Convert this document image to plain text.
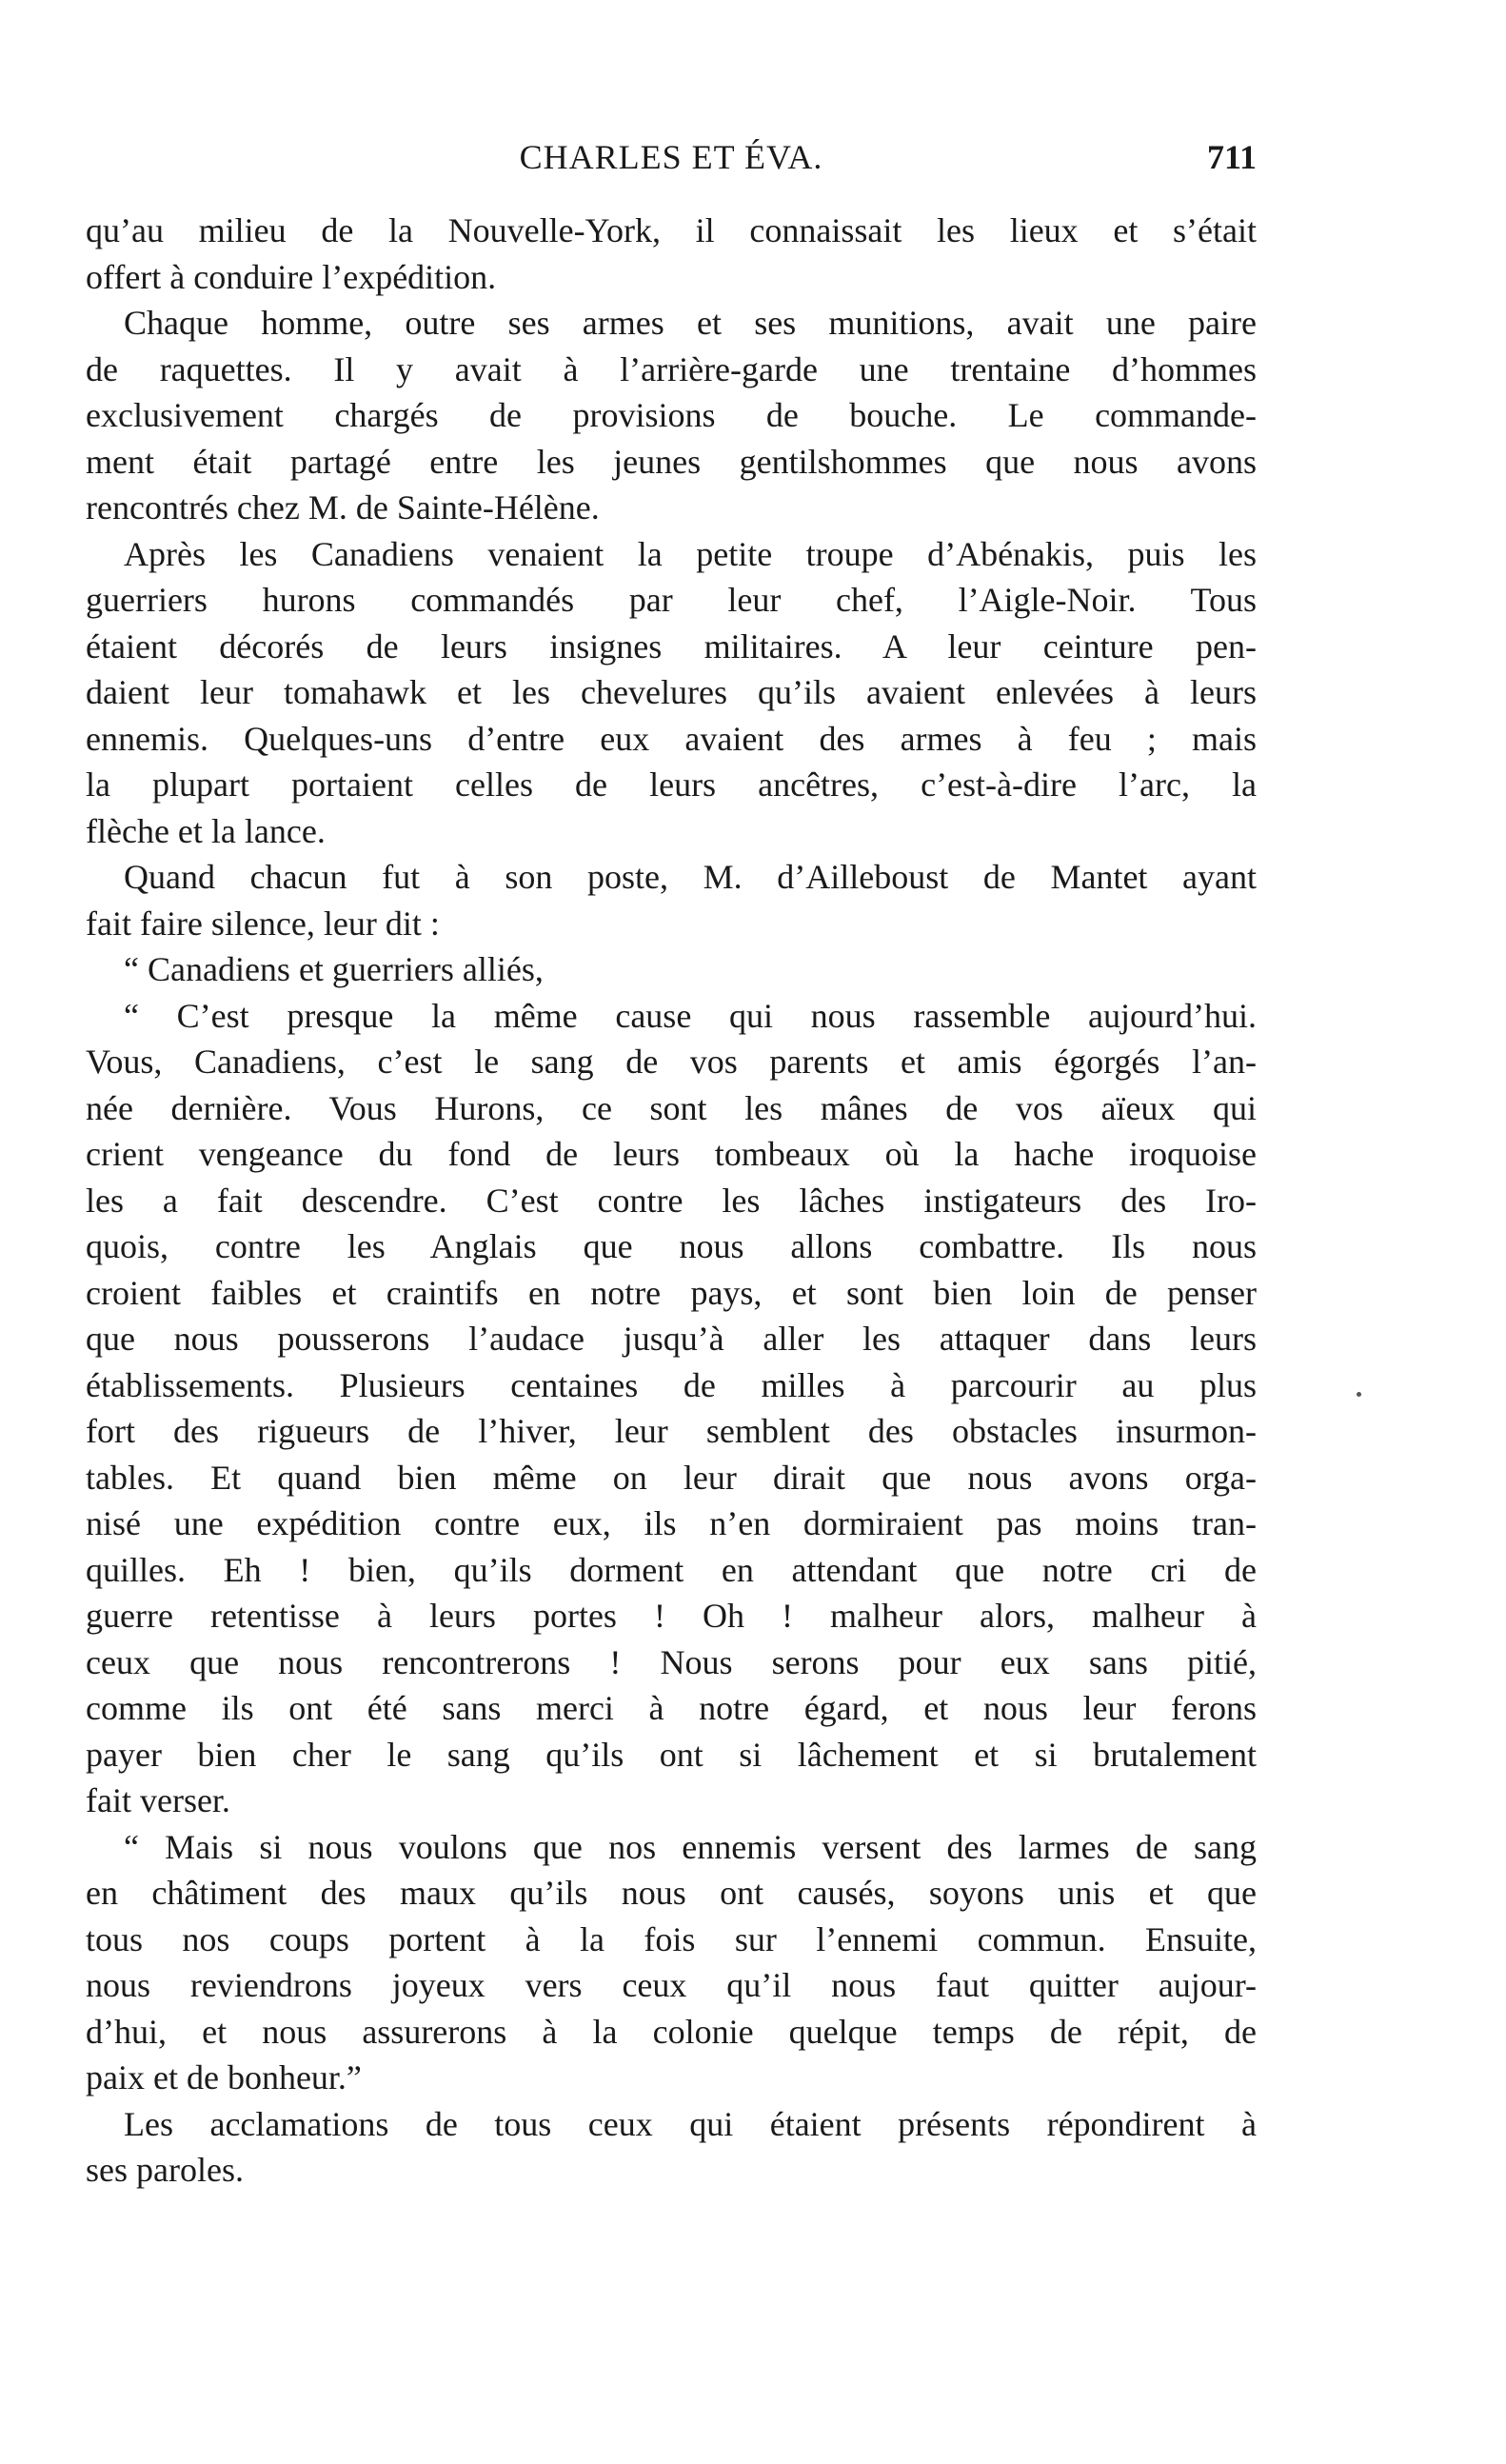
CHARLES ET ÉVA.	711
qu’au milieu de la Nouvelle-York, il connaissait les lieux et s’était
offert à conduire l’expédition.
Chaque homme, outre ses armes et ses munitions, avait une paire
de raquettes. Il y avait à l’arrière-garde une trentaine d’hommes
exclusivement chargés de provisions de bouche. Le commande-
ment était partagé entre les jeunes gentilshommes que nous avons
rencontrés chez M. de Sainte-Hélène.
Après les Canadiens venaient la petite troupe d’Abénakis, puis les
guerriers hurons commandés par leur chef, l’Aigle-Noir. Tous
étaient décorés de leurs insignes militaires. A leur ceinture pen-
daient leur tomahawk et les chevelures qu’ils avaient enlevées à leurs
ennemis. Quelques-uns d’entre eux avaient des armes à feu ; mais
la plupart portaient celles de leurs ancêtres, c’est-à-dire l’arc, la
flèche et la lance.
Quand chacun fut à son poste, M. d’Ailleboust de Mantet ayant
fait faire silence, leur dit :
“ Canadiens et guerriers alliés,
“ C’est presque la même cause qui nous rassemble aujourd’hui.
Vous, Canadiens, c’est le sang de vos parents et amis égorgés l’an-
née dernière. Vous Hurons, ce sont les mânes de vos aïeux qui
crient vengeance du fond de leurs tombeaux où la hache iroquoise
les a fait descendre. C’est contre les lâches instigateurs des Iro-
quois, contre les Anglais que nous allons combattre. Ils nous
croient faibles et craintifs en notre pays, et sont bien loin de penser
que nous pousserons l’audace jusqu’à aller les attaquer dans leurs
établissements. Plusieurs centaines de milles à parcourir au plus
fort des rigueurs de l’hiver, leur semblent des obstacles insurmon-
tables. Et quand bien même on leur dirait que nous avons orga-
nisé une expédition contre eux, ils n’en dormiraient pas moins tran-
quilles. Eh ! bien, qu’ils dorment en attendant que notre cri de
guerre retentisse à leurs portes ! Oh ! malheur alors, malheur à
ceux que nous rencontrerons ! Nous serons pour eux sans pitié,
comme ils ont été sans merci à notre égard, et nous leur ferons
payer bien cher le sang qu’ils ont si lâchement et si brutalement
fait verser.
“ Mais si nous voulons que nos ennemis versent des larmes de sang
en châtiment des maux qu’ils nous ont causés, soyons unis et que
tous nos coups portent à la fois sur l’ennemi commun. Ensuite,
nous reviendrons joyeux vers ceux qu’il nous faut quitter aujour-
d’hui, et nous assurerons à la colonie quelque temps de répit, de
paix et de bonheur.”
Les acclamations de tous ceux qui étaient présents répondirent à
ses paroles.
